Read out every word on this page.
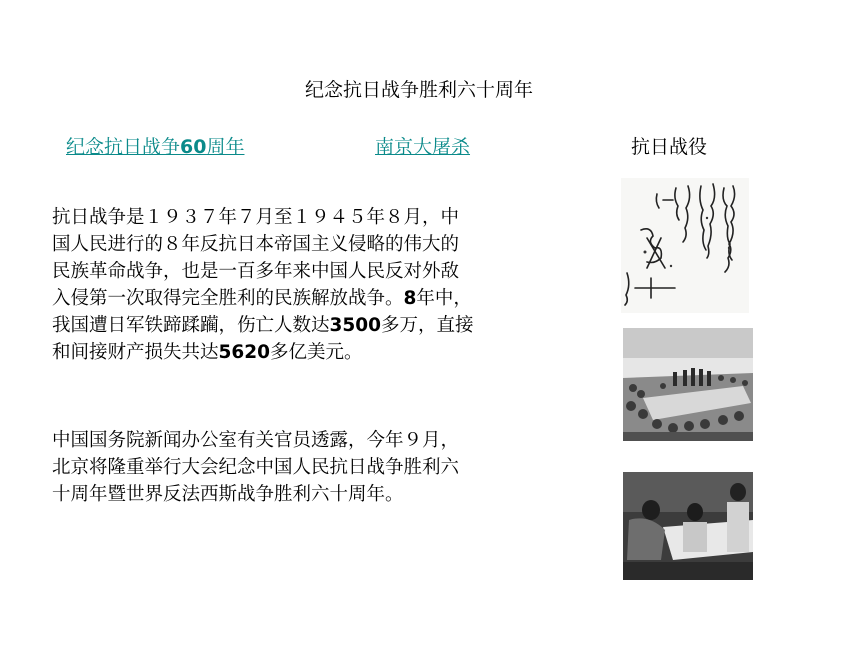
纪念抗日战争胜利六十周年
纪念抗日战争60周年	南京大屠杀	抗日战役

抗日战争是１９３７年７月至１９４５年８月，中国人民进行的８年反抗日本帝国主义侵略的伟大的民族革命战争，也是一百多年来中国人民反对外敌入侵第一次取得完全胜利的民族解放战争。8年中，我国遭日军铁蹄蹂躏，伤亡人数达3500多万，直接和间接财产损失共达5620多亿美元。

中国国务院新闻办公室有关官员透露，今年９月，北京将隆重举行大会纪念中国人民抗日战争胜利六十周年暨世界反法西斯战争胜利六十周年。
